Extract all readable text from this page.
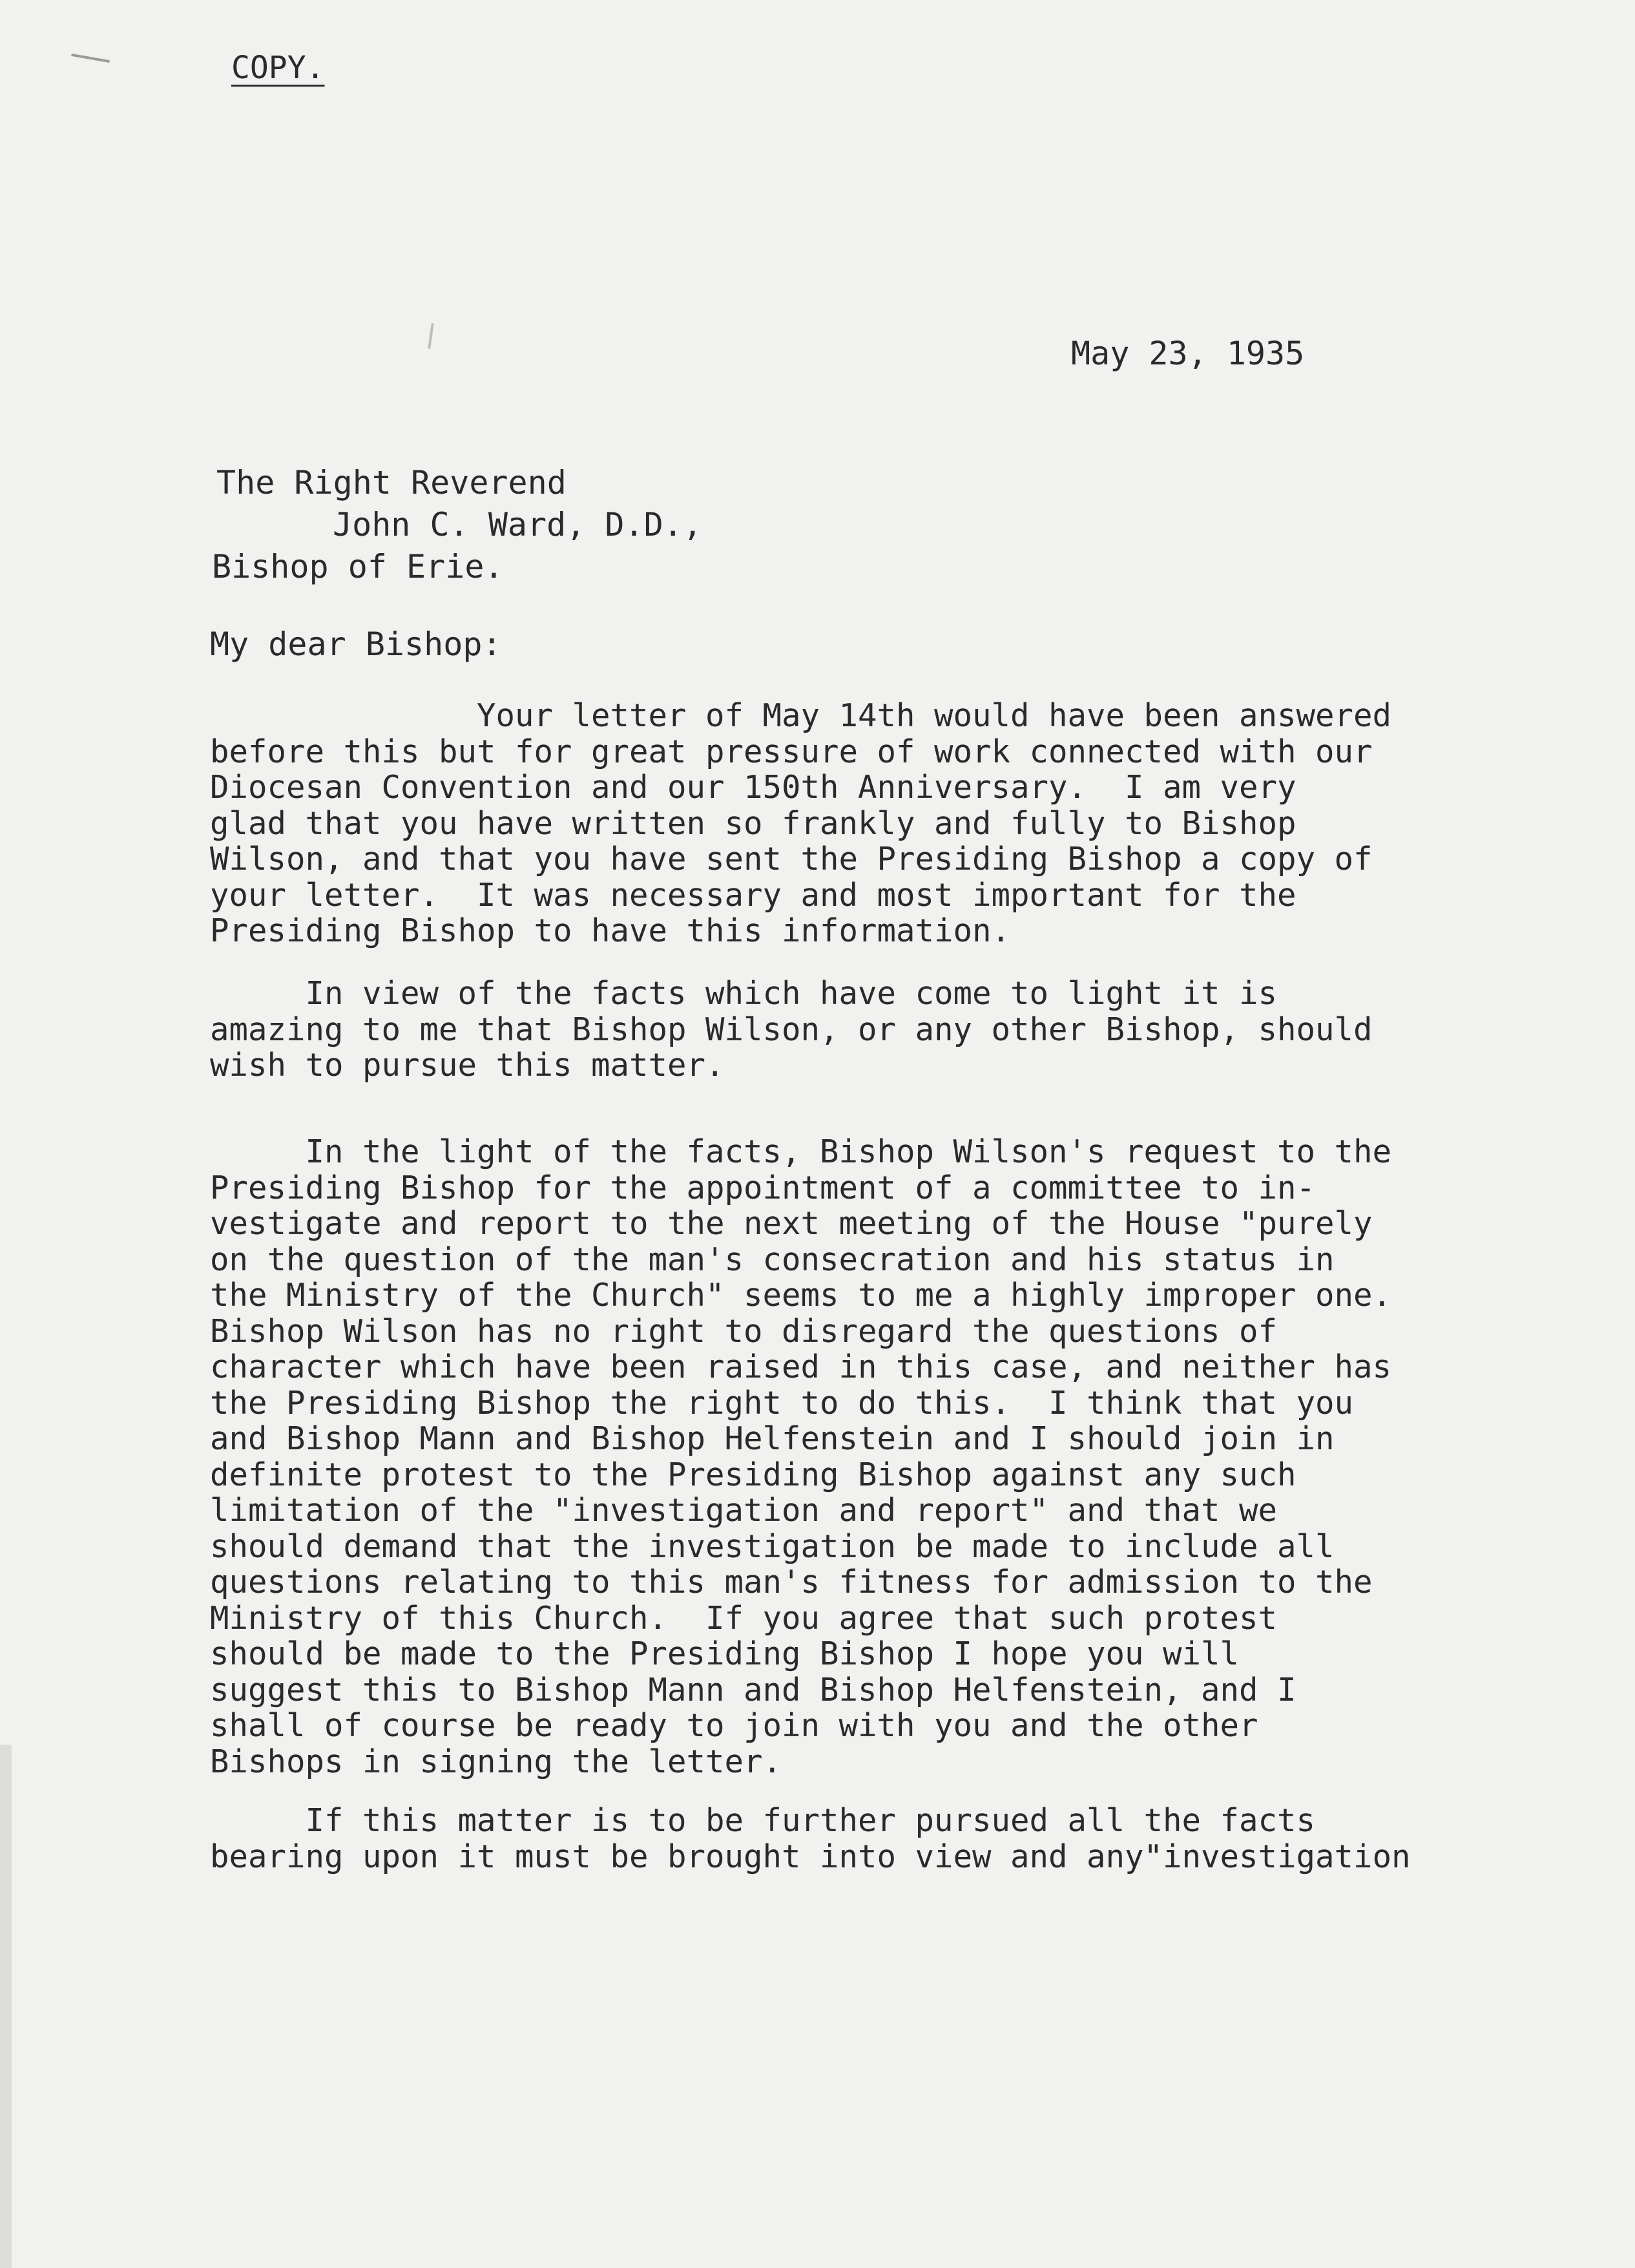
COPY.

May 23, 1935

The Right Reverend

John C. Ward, D.D.,

Bishop of Erie.

My dear Bishop:

Your letter of May 14th would have been answered
before this but for great pressure of work connected with our
Diocesan Convention and our 150th Anniversary.  I am very
glad that you have written so frankly and fully to Bishop
Wilson, and that you have sent the Presiding Bishop a copy of
your letter.  It was necessary and most important for the
Presiding Bishop to have this information.

In view of the facts which have come to light it is
amazing to me that Bishop Wilson, or any other Bishop, should
wish to pursue this matter.

In the light of the facts, Bishop Wilson's request to the
Presiding Bishop for the appointment of a committee to in-
vestigate and report to the next meeting of the House "purely
on the question of the man's consecration and his status in
the Ministry of the Church" seems to me a highly improper one.
Bishop Wilson has no right to disregard the questions of
character which have been raised in this case, and neither has
the Presiding Bishop the right to do this.  I think that you
and Bishop Mann and Bishop Helfenstein and I should join in
definite protest to the Presiding Bishop against any such
limitation of the "investigation and report" and that we
should demand that the investigation be made to include all
questions relating to this man's fitness for admission to the
Ministry of this Church.  If you agree that such protest
should be made to the Presiding Bishop I hope you will
suggest this to Bishop Mann and Bishop Helfenstein, and I
shall of course be ready to join with you and the other
Bishops in signing the letter.

If this matter is to be further pursued all the facts
bearing upon it must be brought into view and any"investigation
